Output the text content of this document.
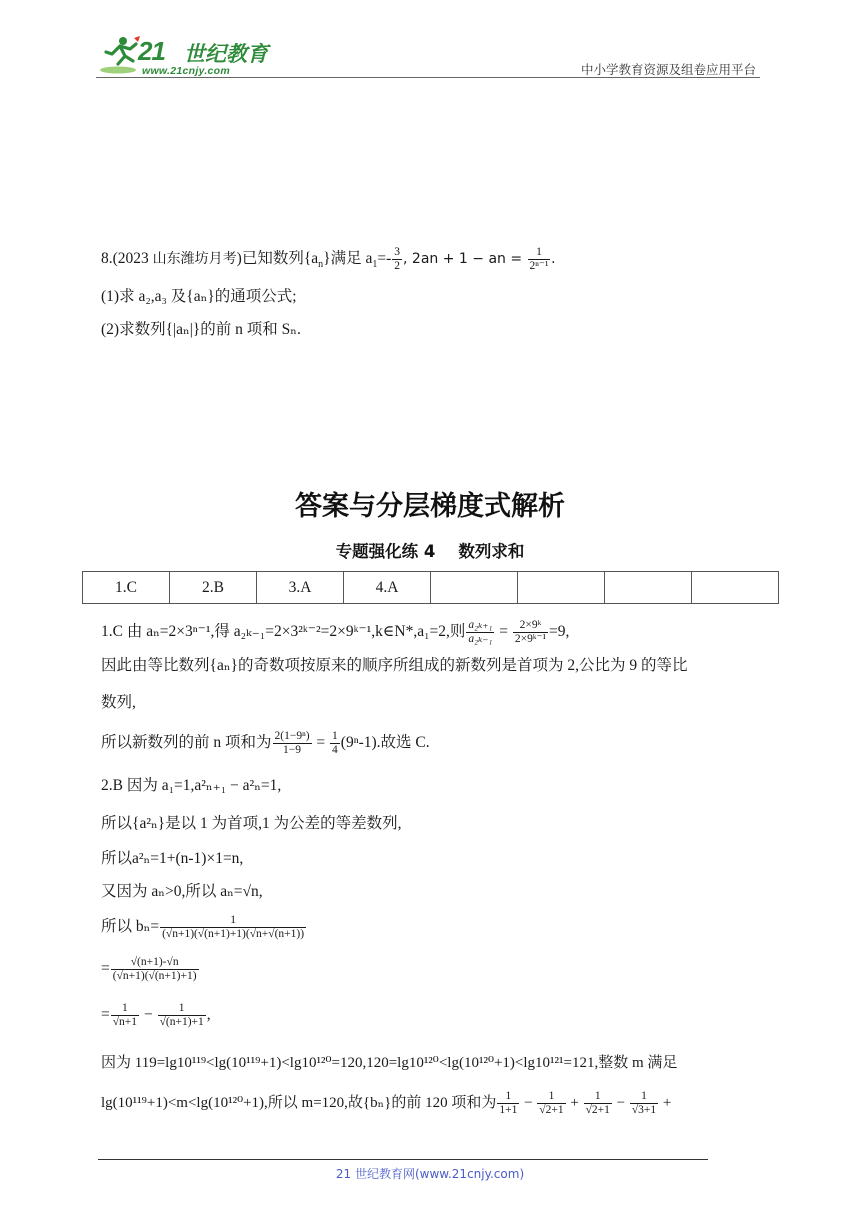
21 世纪教育
www.21cnjy.com	中小学教育资源及组卷应用平台
8.(2023 山东潍坊月考)已知数列$\{a_n\}$满足 $a_1=- \frac{3}{2}$ , 2an + 1 − an = $\frac{1}{\text{2ⁿ⁻¹}}$ .
(1)求 a₂,a₃ 及{aₙ}的通项公式;
(2)求数列{|aₙ|}的前 n 项和 Sₙ.
答案与分层梯度式解析
专题强化练 4    数列求和
1.C	2.B	3.A	4.A				
1.C 由 aₙ=2×3ⁿ⁻¹,得 a₂ₖ₋₁=2×3²ᵏ⁻²=2×9ᵏ⁻¹,k∈N*,a₁=2,则 $\frac{\text{a₂ₖ₊₁}}{\text{a₂ₖ₋₁}} = \frac{\text{2×9ᵏ}}{\text{2×9ᵏ⁻¹}} =9$,
因此由等比数列{aₙ}的奇数项按原来的顺序所组成的新数列是首项为 2,公比为 9 的等比
数列,
所以新数列的前 n 项和为 $\frac{\text{2(1−9ⁿ)}}{1-9} = \frac{1}{4} (9^n-1)$.故选 C.
2.B 因为 a₁=1,a²ₙ₊₁ − a²ₙ=1,
所以{a²ₙ}是以 1 为首项,1 为公差的等差数列,
所以a²ₙ=1+(n-1)×1=n,
又因为 aₙ>0,所以 aₙ=√n,
所以 $b_n= \frac{1}{(√n+1)(√(n+1)+1)(√n+√(n+1))}$
= $\frac{√(n+1)-√n}{(√n+1)(√(n+1)+1)}$
= $\frac{1}{√n+1} - \frac{1}{√(n+1)+1}$ ,
因为 119=lg10¹¹⁹<lg(10¹¹⁹+1)<lg10¹²⁰=120,120=lg10¹²⁰<lg(10¹²⁰+1)<lg10¹²¹=121,整数 m 满足
lg(10¹¹⁹+1)<m<lg(10¹²⁰+1),所以 m=120,故{bₙ}的前 120 项和为 $\frac{1}{1+1} - \frac{1}{√2+1} + \frac{1}{√2+1} - \frac{1}{√3+1}$ +
21 世纪教育网(www.21cnjy.com)
